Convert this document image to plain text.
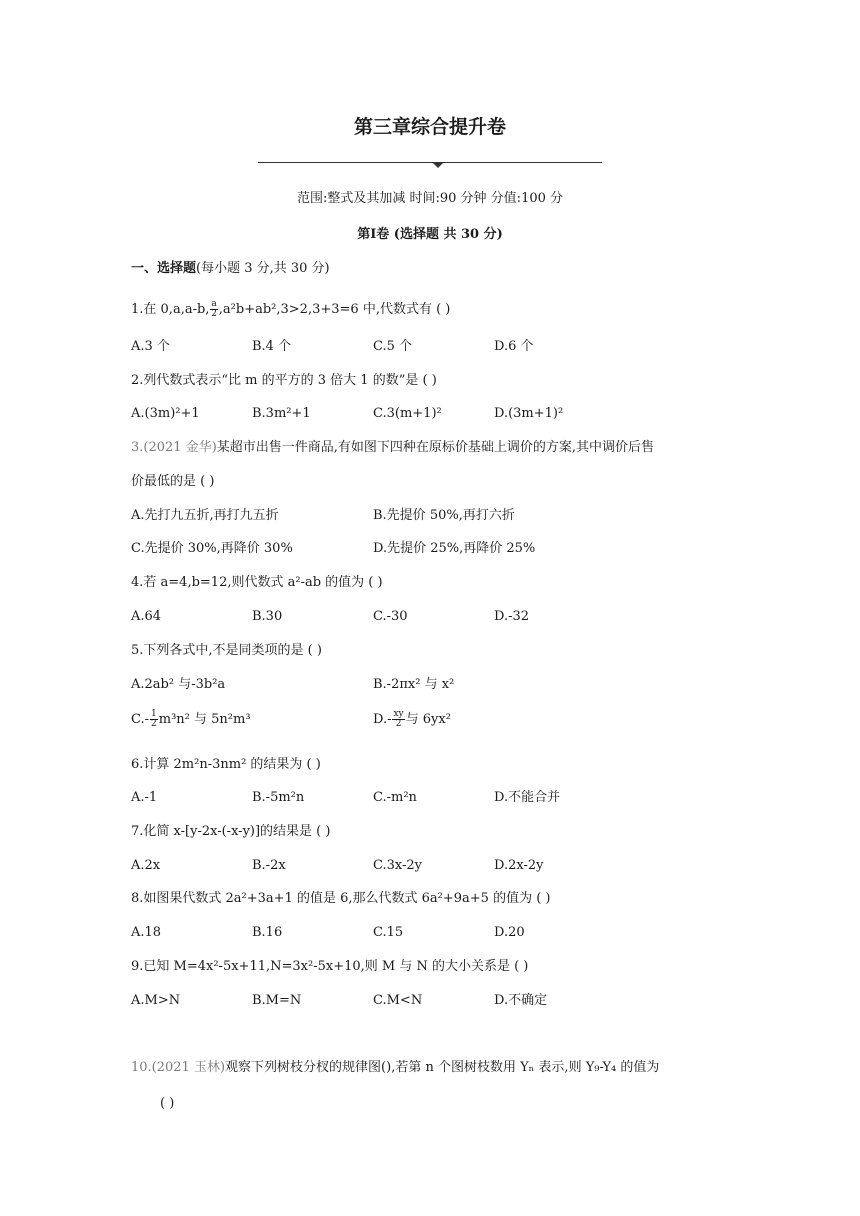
第三章综合提升卷
范围:整式及其加减 时间:90 分钟 分值:100 分
第Ⅰ卷 (选择题 共 30 分)
一、选择题(每小题 3 分,共 30 分)
1.在 0,a,a-b, $\frac{a}{2} ,a^2b+ab^2,3>2,3+3=6$ 中,代数式有 ( )
A.3 个	B.4 个	C.5 个	D.6 个
2.列代数式表示“比 m 的平方的 3 倍大 1 的数”是 ( )
A.(3m)²+1	B.3m²+1	C.3(m+1)²	D.(3m+1)²
3.(2021 金华)某超市出售一件商品,有如图下四种在原标价基础上调价的方案,其中调价后售
价最低的是 ( )
A.先打九五折,再打九五折	B.先提价 50%,再打六折
C.先提价 30%,再降价 30%	D.先提价 25%,再降价 25%
4.若 a=4,b=12,则代数式 a²-ab 的值为 ( )
A.64	B.30	C.-30	D.-32
5.下列各式中,不是同类项的是 ( )
A.2ab² 与-3b²a	B.-2πx² 与 x²
$C.- \frac{1}{2} m^3n^2$ 与 5n²m³	$D.- \frac{xy}{2}$ 与 6yx²
6.计算 2m²n-3nm² 的结果为 ( )
A.-1	B.-5m²n	C.-m²n	D.不能合并
7.化简 x-[y-2x-(-x-y)]的结果是 ( )
A.2x	B.-2x	C.3x-2y	D.2x-2y
8.如图果代数式 2a²+3a+1 的值是 6,那么代数式 6a²+9a+5 的值为 ( )
A.18	B.16	C.15	D.20
9.已知 M=4x²-5x+11,N=3x²-5x+10,则 M 与 N 的大小关系是 ( )
A.M>N	B.M=N	C.M<N	D.不确定
10.(2021 玉林)观察下列树枝分杈的规律图(),若第 n 个图树枝数用 Yₙ 表示,则 Y₉-Y₄ 的值为
( )
